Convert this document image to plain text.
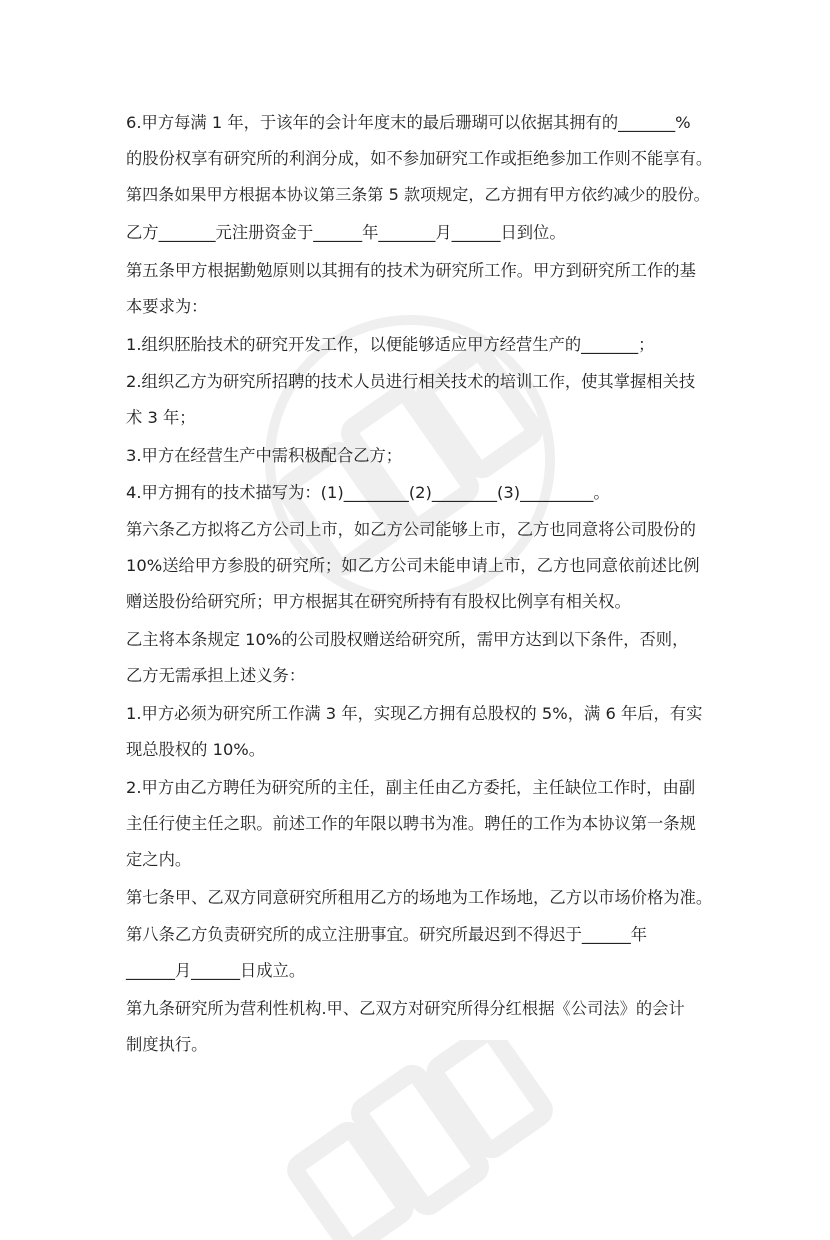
6.甲方每满 1 年，于该年的会计年度末的最后珊瑚可以依据其拥有的_______%
的股份权享有研究所的利润分成，如不参加研究工作或拒绝参加工作则不能享有。
第四条如果甲方根据本协议第三条第 5 款项规定，乙方拥有甲方依约减少的股份。
乙方_______元注册资金于______年_______月______日到位。
第五条甲方根据勤勉原则以其拥有的技术为研究所工作。甲方到研究所工作的基
本要求为：
1.组织胚胎技术的研究开发工作，以便能够适应甲方经营生产的_______；
2.组织乙方为研究所招聘的技术人员进行相关技术的培训工作，使其掌握相关技
术 3 年；
3.甲方在经营生产中需积极配合乙方；
4.甲方拥有的技术描写为：(1)________(2)________(3)_________。
第六条乙方拟将乙方公司上市，如乙方公司能够上市，乙方也同意将公司股份的
10%送给甲方参股的研究所；如乙方公司未能申请上市，乙方也同意依前述比例
赠送股份给研究所；甲方根据其在研究所持有有股权比例享有相关权。
乙主将本条规定 10%的公司股权赠送给研究所，需甲方达到以下条件，否则，
乙方无需承担上述义务：
1.甲方必须为研究所工作满 3 年，实现乙方拥有总股权的 5%，满 6 年后，有实
现总股权的 10%。
2.甲方由乙方聘任为研究所的主任，副主任由乙方委托，主任缺位工作时，由副
主任行使主任之职。前述工作的年限以聘书为准。聘任的工作为本协议第一条规
定之内。
第七条甲、乙双方同意研究所租用乙方的场地为工作场地，乙方以市场价格为准。
第八条乙方负责研究所的成立注册事宜。研究所最迟到不得迟于______年
______月______日成立。
第九条研究所为营利性机构.甲、乙双方对研究所得分红根据《公司法》的会计
制度执行。
